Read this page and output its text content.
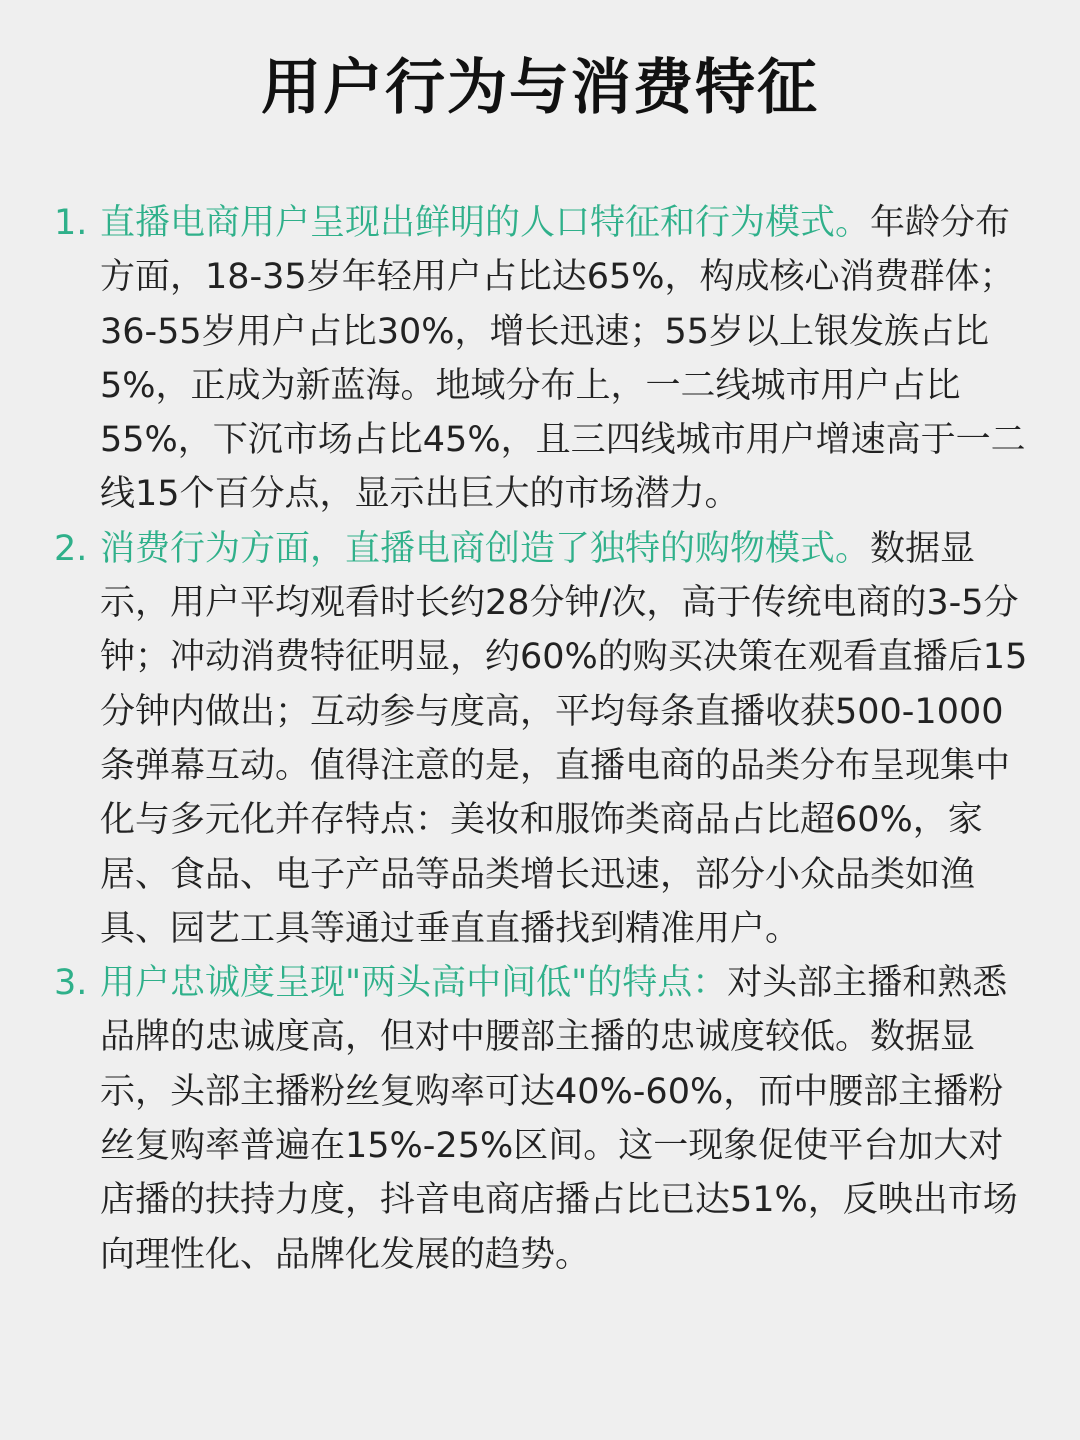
用户行为与消费特征
1. 直播电商用户呈现出鲜明的人口特征和行为模式。年龄分布方面，18-35岁年轻用户占比达65%，构成核心消费群体；36-55岁用户占比30%，增长迅速；55岁以上银发族占比5%，正成为新蓝海。地域分布上，一二线城市用户占比55%，下沉市场占比45%，且三四线城市用户增速高于一二线15个百分点，显示出巨大的市场潜力。
2. 消费行为方面，直播电商创造了独特的购物模式。数据显示，用户平均观看时长约28分钟/次，高于传统电商的3-5分钟；冲动消费特征明显，约60%的购买决策在观看直播后15分钟内做出；互动参与度高，平均每条直播收获500-1000条弹幕互动。值得注意的是，直播电商的品类分布呈现集中化与多元化并存特点：美妆和服饰类商品占比超60%，家居、食品、电子产品等品类增长迅速，部分小众品类如渔具、园艺工具等通过垂直直播找到精准用户。
3. 用户忠诚度呈现"两头高中间低"的特点：对头部主播和熟悉品牌的忠诚度高，但对中腰部主播的忠诚度较低。数据显示，头部主播粉丝复购率可达40%-60%，而中腰部主播粉丝复购率普遍在15%-25%区间。这一现象促使平台加大对店播的扶持力度，抖音电商店播占比已达51%，反映出市场向理性化、品牌化发展的趋势。
